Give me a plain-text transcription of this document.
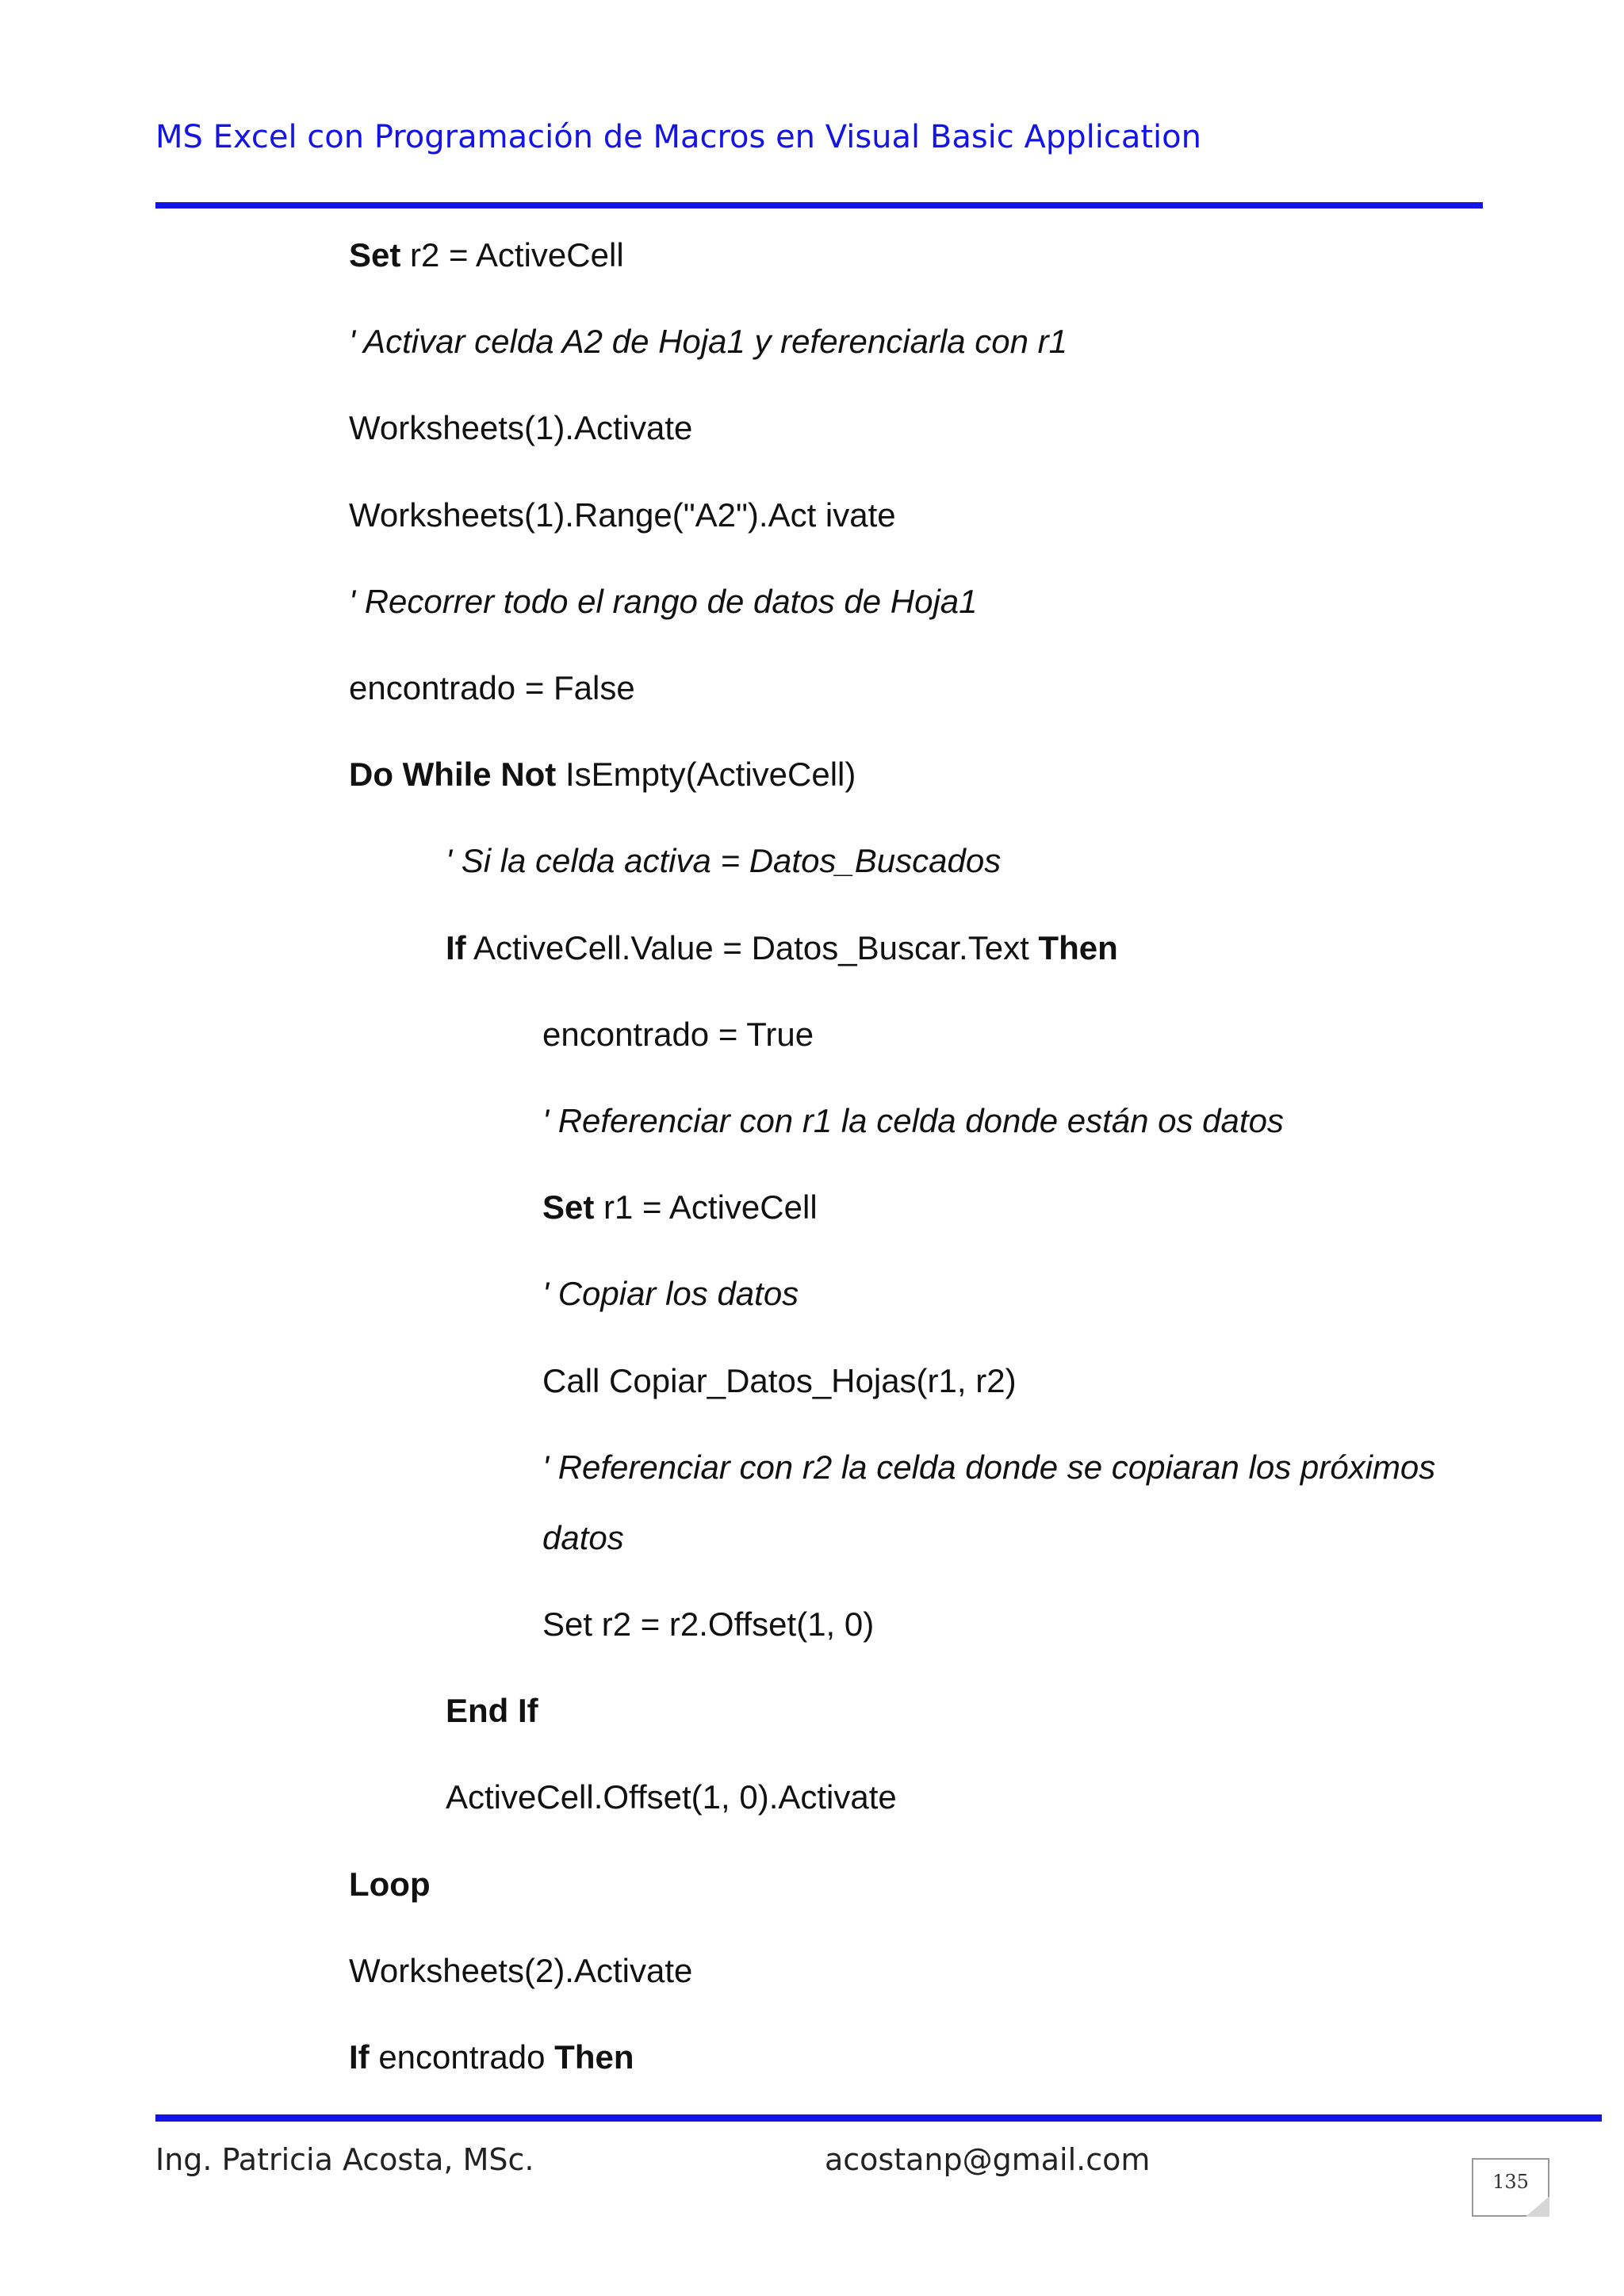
MS Excel con Programación de Macros en Visual Basic Application
Set r2 = ActiveCell
' Activar celda A2 de Hoja1 y referenciarla con r1
Worksheets(1).Activate
Worksheets(1).Range("A2").Act ivate
' Recorrer todo el rango de datos de Hoja1
encontrado = False
Do While Not IsEmpty(ActiveCell)
' Si la celda activa = Datos_Buscados
If ActiveCell.Value = Datos_Buscar.Text Then
encontrado = True
' Referenciar con r1 la celda donde están os datos
Set r1 = ActiveCell
' Copiar los datos
Call Copiar_Datos_Hojas(r1, r2)
' Referenciar con r2 la celda donde se copiaran los próximos
datos
Set r2 = r2.Offset(1, 0)
End If
ActiveCell.Offset(1, 0).Activate
Loop
Worksheets(2).Activate
If encontrado Then
Ing. Patricia Acosta, MSc.	acostanp@gmail.com
135
